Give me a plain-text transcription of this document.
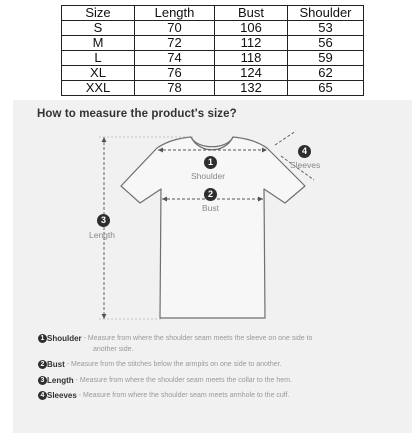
Size	Length	Bust	Shoulder
S	70	106	53
M	72	112	56
L	74	118	59
XL	76	124	62
XXL	78	132	65
How to measure the product's size?
1
Shoulder
2
Bust
3
Length
4
Sleeves
1 Shoulder - Measure from where the shoulder seam meets the sleeve on one side to
another side.
2 Bust - Measure from the stitches below the armpits on one side to another.
3 Length - Measure from where the shoulder seam meets the collar to the hem.
4 Sleeves - Measure from where the shoulder seam meets armhole to the cuff.
